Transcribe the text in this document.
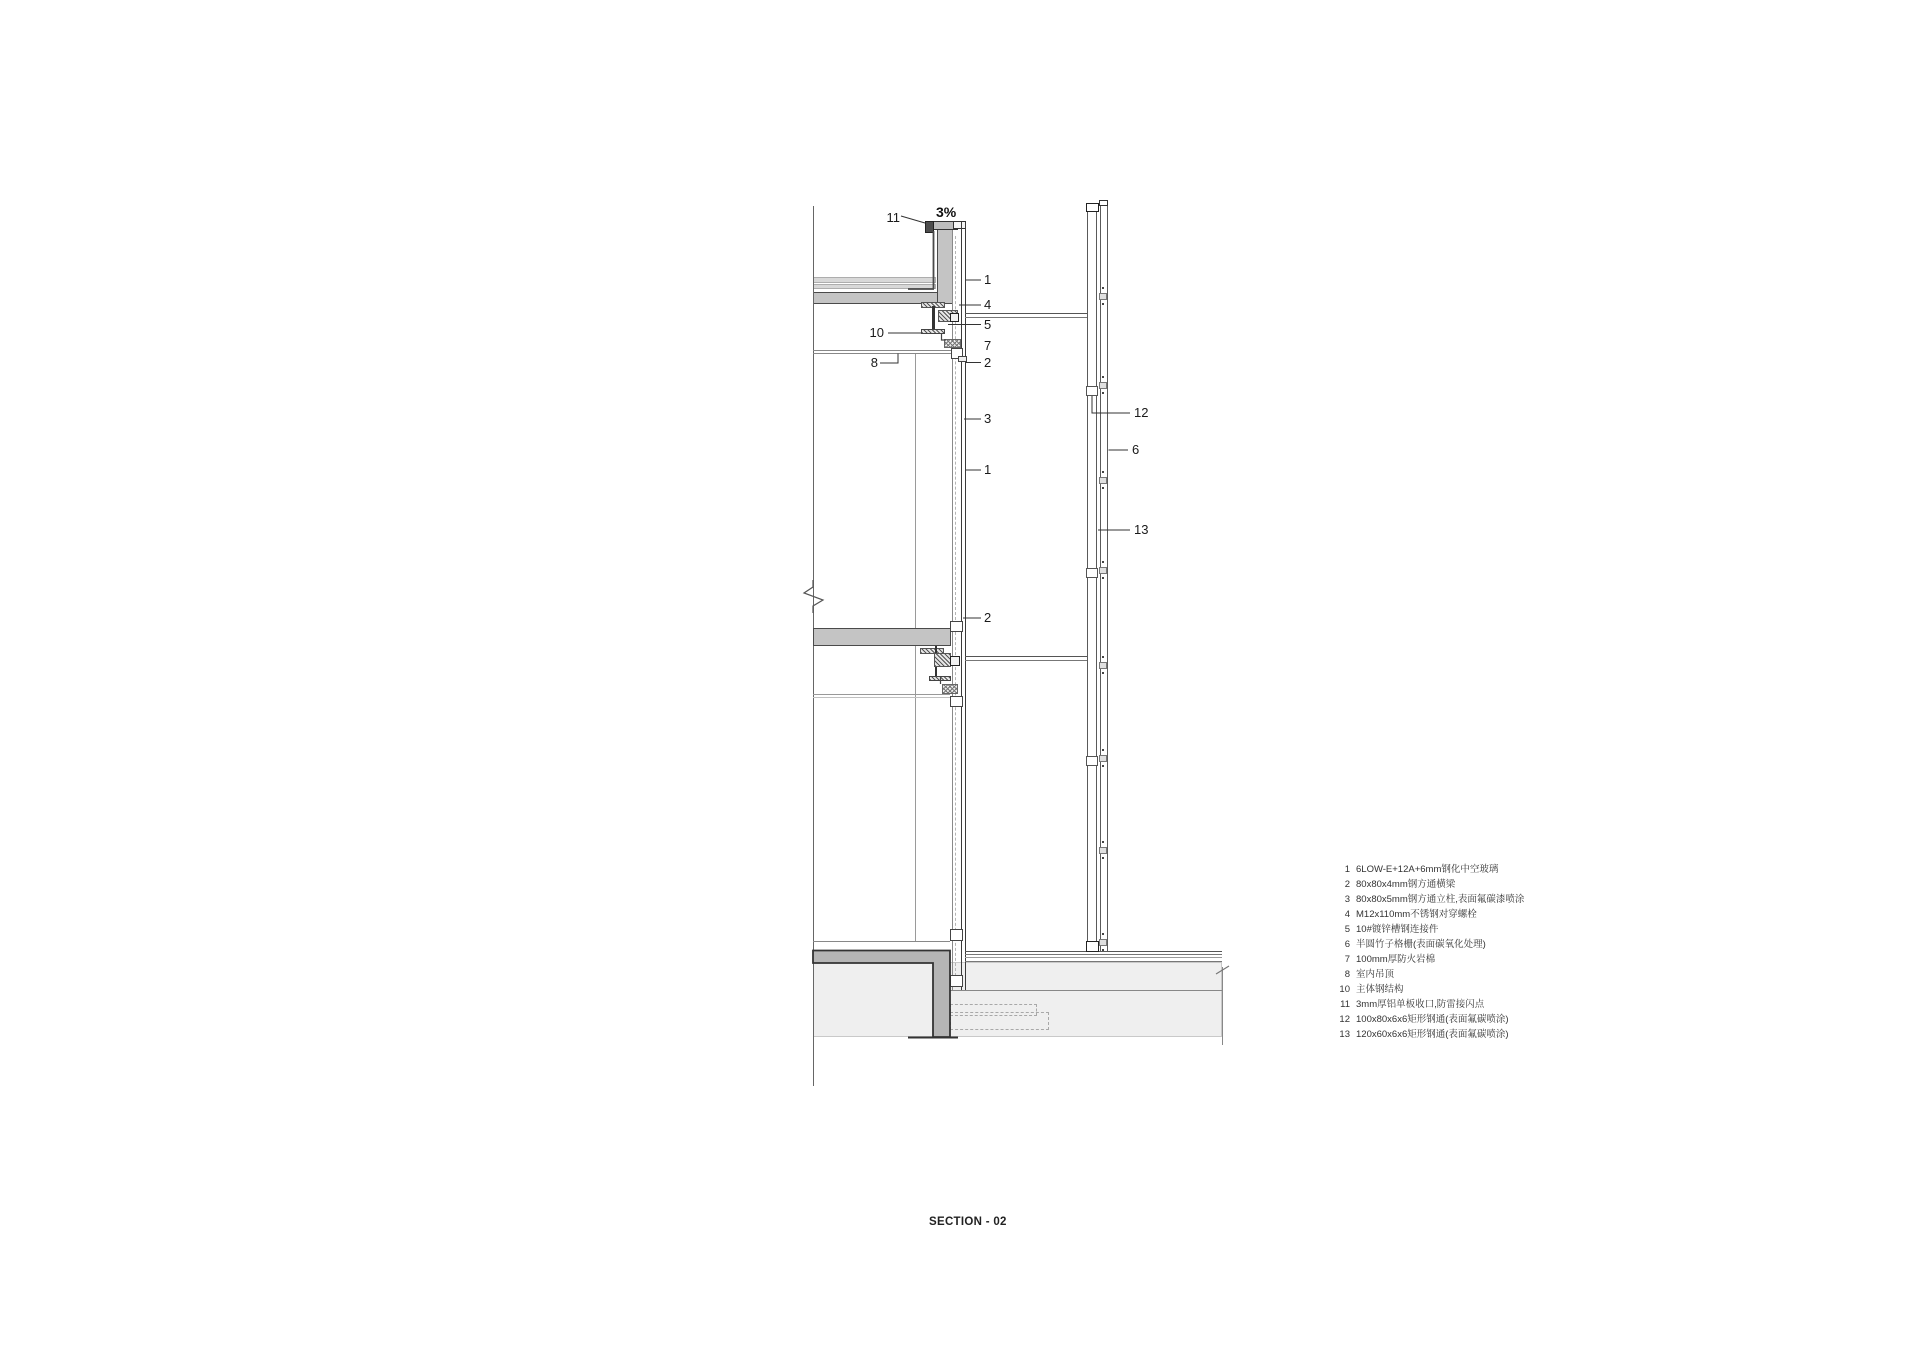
3%
11
1
4
5
7
2
10
8
3
1
2
12
6
13
1 6LOW-E+12A+6mm钢化中空玻璃
2 80x80x4mm钢方通横梁
3 80x80x5mm钢方通立柱,表面氟碳漆喷涂
4 M12x110mm不锈钢对穿螺栓
5 10#镀锌槽钢连接件
6 半圆竹子格栅(表面碳氧化处理)
7 100mm厚防火岩棉
8 室内吊顶
10 主体钢结构
11 3mm厚铝单板收口,防雷接闪点
12 100x80x6x6矩形钢通(表面氟碳喷涂)
13 120x60x6x6矩形钢通(表面氟碳喷涂)
SECTION - 02
